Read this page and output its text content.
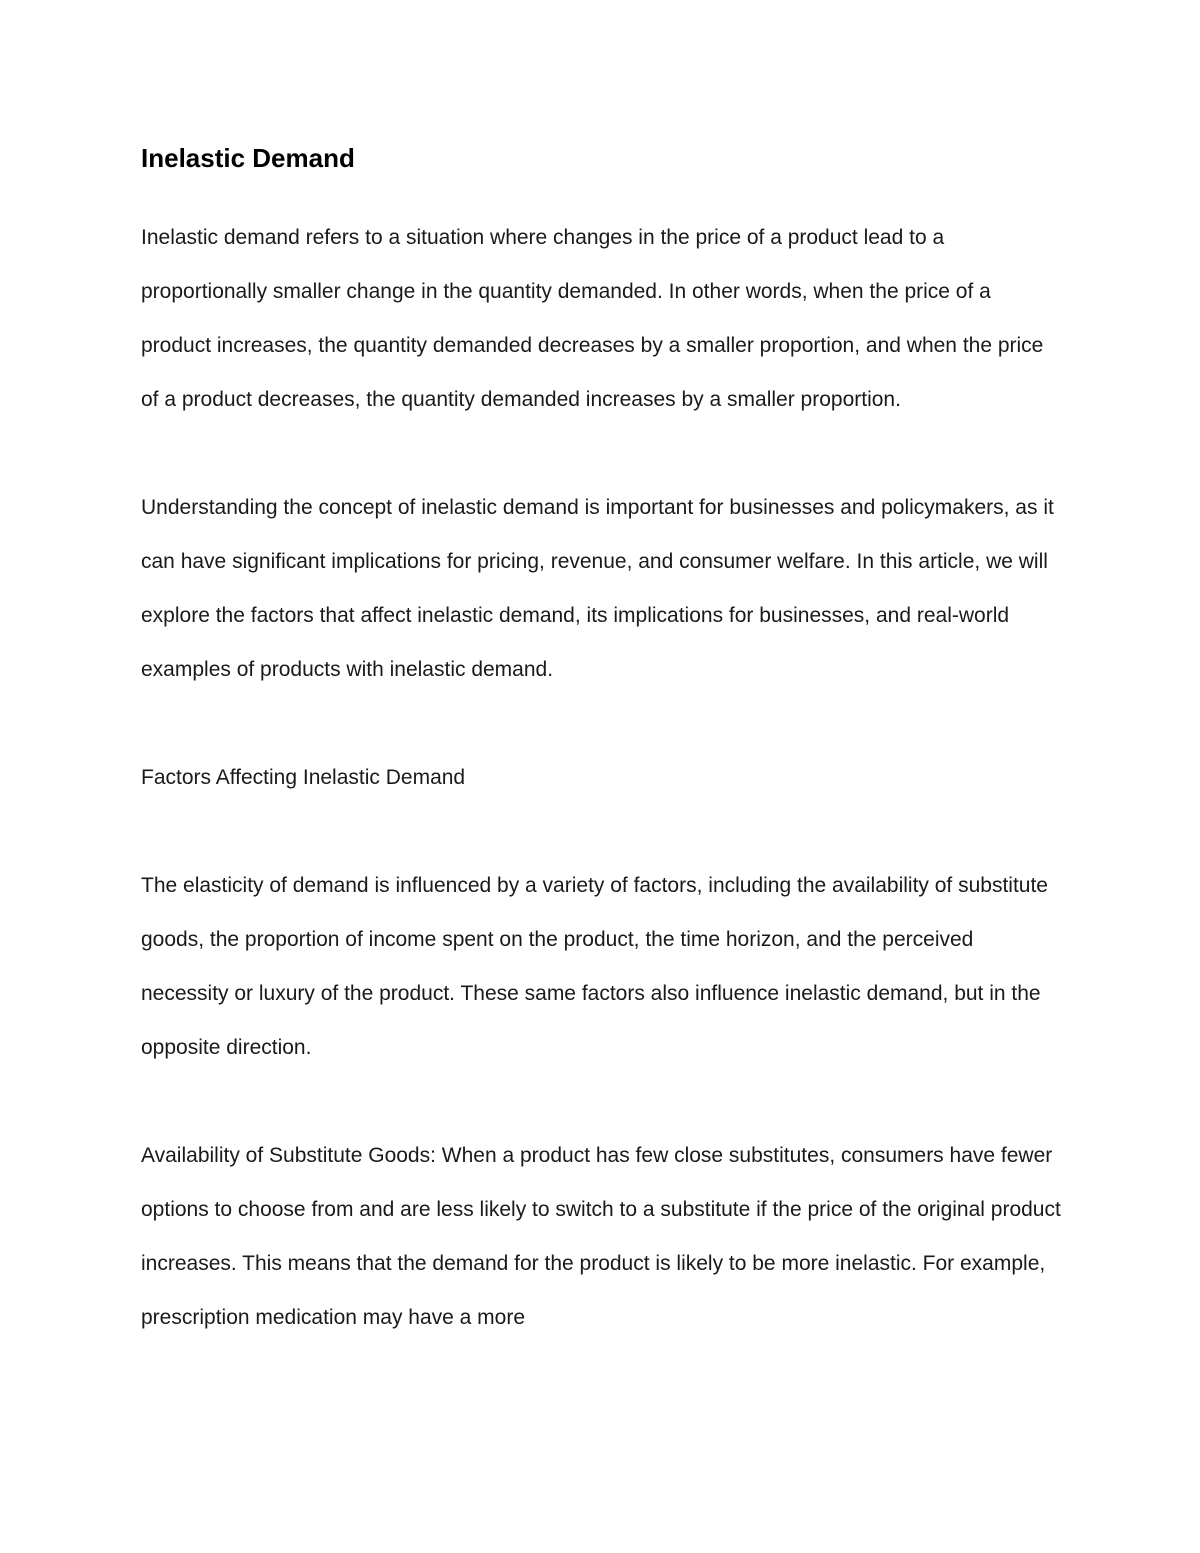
Inelastic Demand

Inelastic demand refers to a situation where changes in the price of a product lead to a proportionally smaller change in the quantity demanded. In other words, when the price of a product increases, the quantity demanded decreases by a smaller proportion, and when the price of a product decreases, the quantity demanded increases by a smaller proportion.

Understanding the concept of inelastic demand is important for businesses and policymakers, as it can have significant implications for pricing, revenue, and consumer welfare. In this article, we will explore the factors that affect inelastic demand, its implications for businesses, and real-world examples of products with inelastic demand.

Factors Affecting Inelastic Demand

The elasticity of demand is influenced by a variety of factors, including the availability of substitute goods, the proportion of income spent on the product, the time horizon, and the perceived necessity or luxury of the product. These same factors also influence inelastic demand, but in the opposite direction.

Availability of Substitute Goods: When a product has few close substitutes, consumers have fewer options to choose from and are less likely to switch to a substitute if the price of the original product increases. This means that the demand for the product is likely to be more inelastic. For example, prescription medication may have a more
